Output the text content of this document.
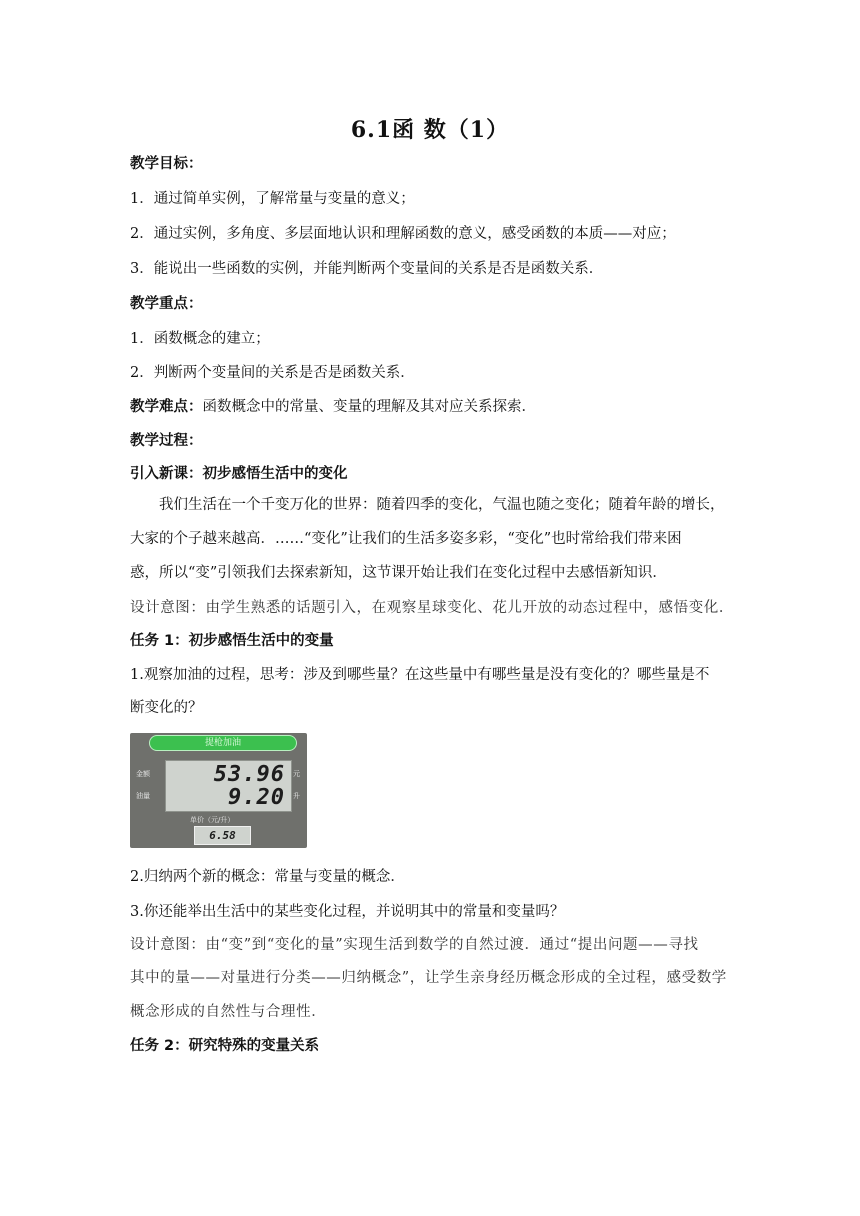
6.1函 数（1）
教学目标：
1．通过简单实例，了解常量与变量的意义；
2．通过实例，多角度、多层面地认识和理解函数的意义，感受函数的本质——对应；
3．能说出一些函数的实例，并能判断两个变量间的关系是否是函数关系．
教学重点：
1．函数概念的建立；
2．判断两个变量间的关系是否是函数关系．
教学难点：函数概念中的常量、变量的理解及其对应关系探索．
教学过程：
引入新课：初步感悟生活中的变化
我们生活在一个千变万化的世界：随着四季的变化，气温也随之变化；随着年龄的增长，
大家的个子越来越高．……“变化”让我们的生活多姿多彩，“变化”也时常给我们带来困
惑，所以“变”引领我们去探索新知，这节课开始让我们在变化过程中去感悟新知识．
设计意图：由学生熟悉的话题引入，在观察星球变化、花儿开放的动态过程中，感悟变化．
任务 1：初步感悟生活中的变量
1.观察加油的过程，思考：涉及到哪些量？在这些量中有哪些量是没有变化的？哪些量是不
断变化的？
提枪加油
金额
油量
53.96
9.20
元
升
单价（元/升）
6.58
2.归纳两个新的概念：常量与变量的概念．
3.你还能举出生活中的某些变化过程，并说明其中的常量和变量吗？
设计意图：由“变”到“变化的量”实现生活到数学的自然过渡．通过“提出问题——寻找
其中的量——对量进行分类——归纳概念”，让学生亲身经历概念形成的全过程，感受数学
概念形成的自然性与合理性．
任务 2：研究特殊的变量关系
